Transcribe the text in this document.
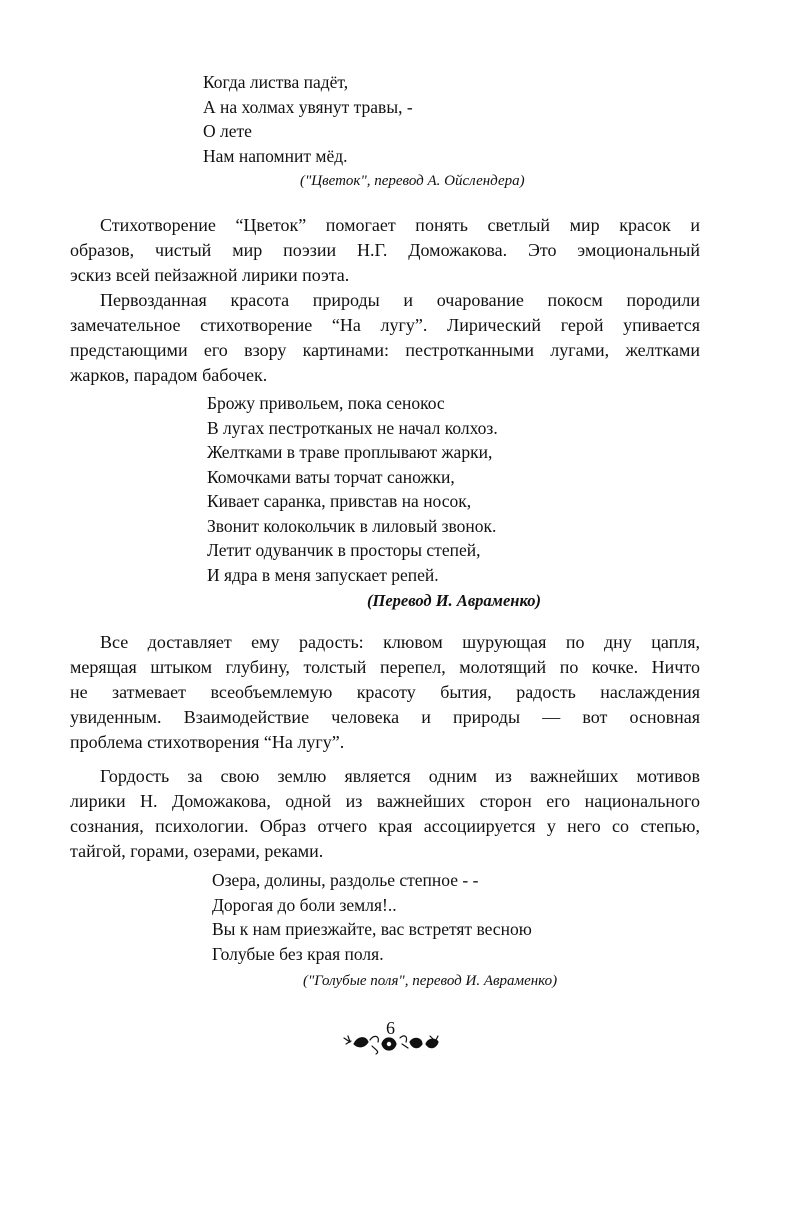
Когда листва падёт,
А на холмах увянут травы, -
О лете
Нам напомнит мёд.
("Цветок", перевод А. Ойслендера)
Стихотворение “Цветок” помогает понять светлый мир красок и
образов, чистый мир поэзии Н.Г. Доможакова. Это эмоциональный
эскиз всей пейзажной лирики поэта.
Первозданная красота природы и очарование покосм породили
замечательное стихотворение “На лугу”. Лирический герой упивается
предстающими его взору картинами: пестротканными лугами, желтками
жарков, парадом бабочек.
Брожу привольем, пока сенокос
В лугах пестротканых не начал колхоз.
Желтками в траве проплывают жарки,
Комочками ваты торчат саножки,
Кивает саранка, привстав на носок,
Звонит колокольчик в лиловый звонок.
Летит одуванчик в просторы степей,
И ядра в меня запускает репей.
(Перевод И. Авраменко)
Все доставляет ему радость: клювом шурующая по дну цапля,
мерящая штыком глубину, толстый перепел, молотящий по кочке. Ничто
не затмевает всеобъемлемую красоту бытия, радость наслаждения
увиденным. Взаимодействие человека и природы — вот основная
проблема стихотворения “На лугу”.
Гордость за свою землю является одним из важнейших мотивов
лирики Н. Доможакова, одной из важнейших сторон его национального
сознания, психологии. Образ отчего края ассоциируется у него со степью,
тайгой, горами, озерами, реками.
Озера, долины, раздолье степное - -
Дорогая до боли земля!..
Вы к нам приезжайте, вас встретят весною
Голубые без края поля.
("Голубые поля", перевод И. Авраменко)
6
